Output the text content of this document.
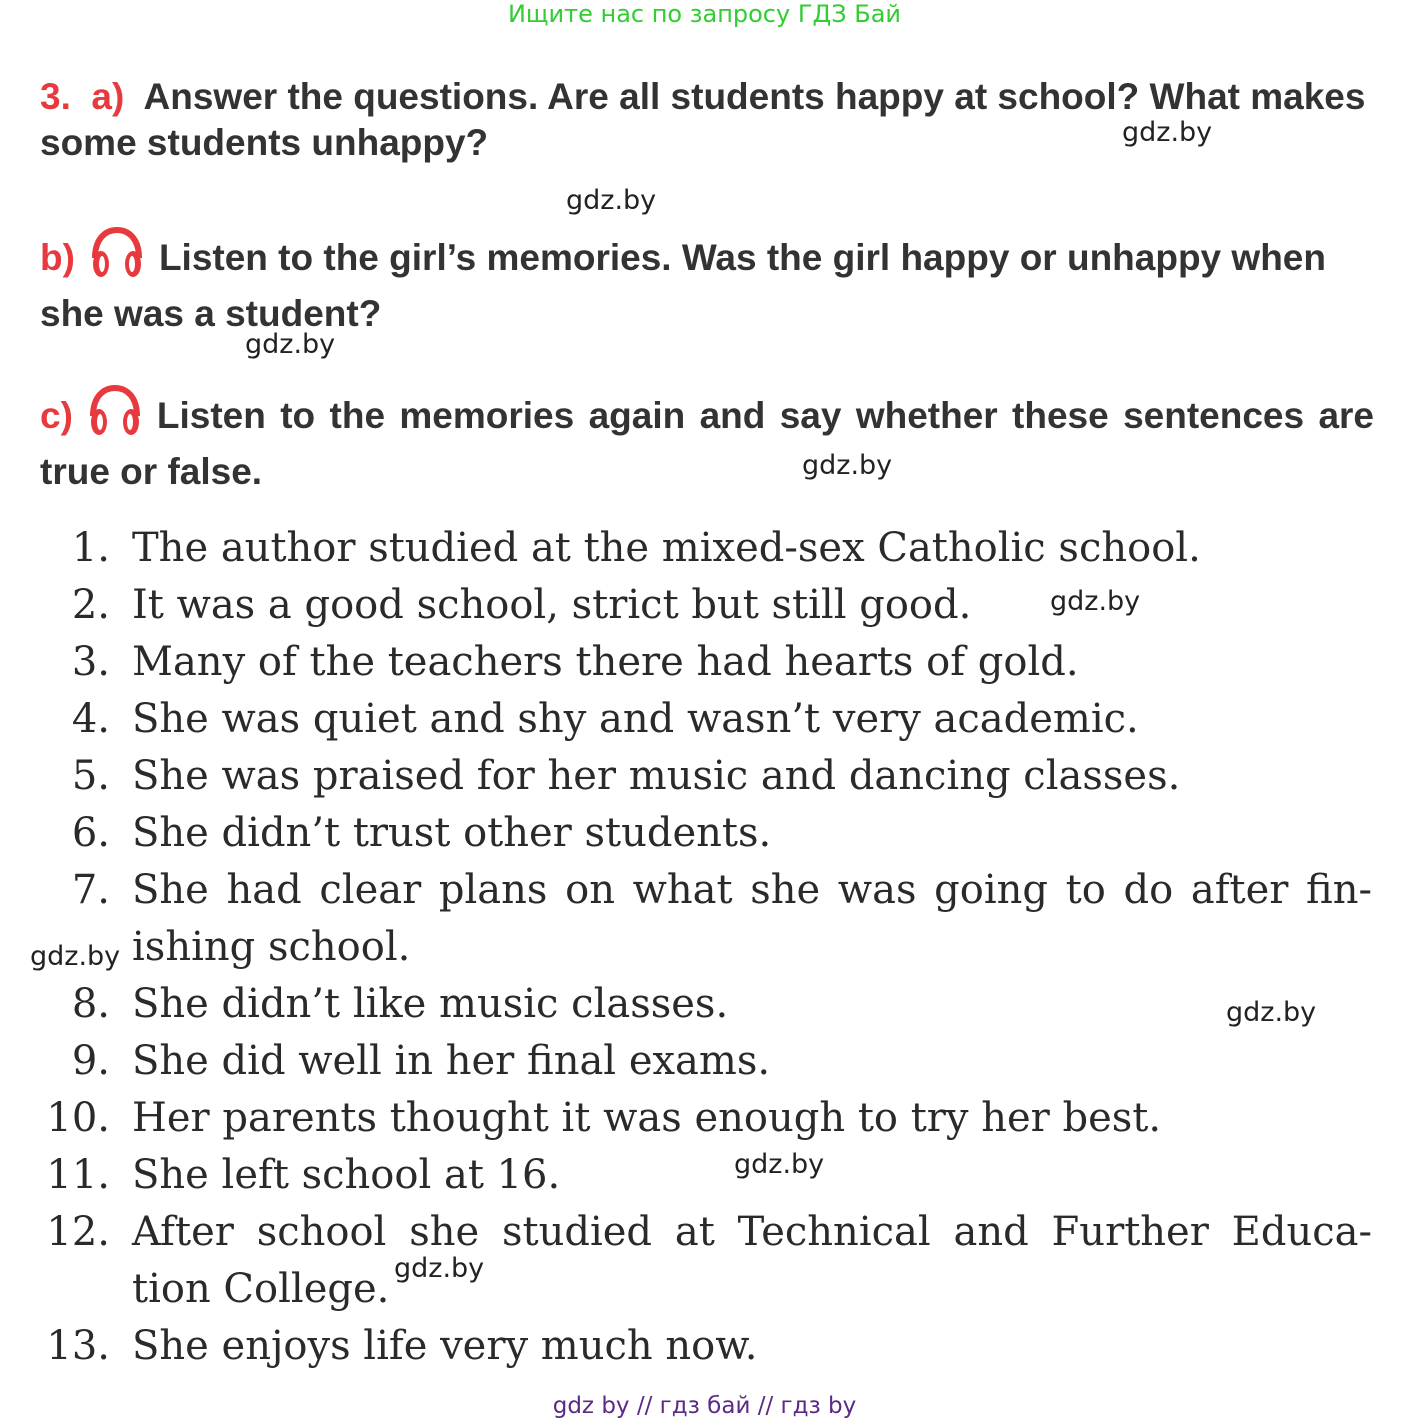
Ищите нас по запросу ГДЗ Бай
3. a) Answer the questions. Are all students happy at school? What makes some students unhappy?
b) Listen to the girl’s memories. Was the girl happy or unhappy when she was a student?
c) Listen to the memories again and say whether these sentences are true or false.
1. The author studied at the mixed-sex Catholic school.
2. It was a good school, strict but still good.
3. Many of the teachers there had hearts of gold.
4. She was quiet and shy and wasn’t very academic.
5. She was praised for her music and dancing classes.
6. She didn’t trust other students.
7. She had clear plans on what she was going to do after fin-
ishing school.
8. She didn’t like music classes.
9. She did well in her final exams.
10. Her parents thought it was enough to try her best.
11. She left school at 16.
12. After school she studied at Technical and Further Educa-
tion College.
13. She enjoys life very much now.
gdz.by
gdz.by
gdz.by
gdz.by
gdz.by
gdz.by
gdz.by
gdz.by
gdz.by
gdz by // гдз бай // гдз by
